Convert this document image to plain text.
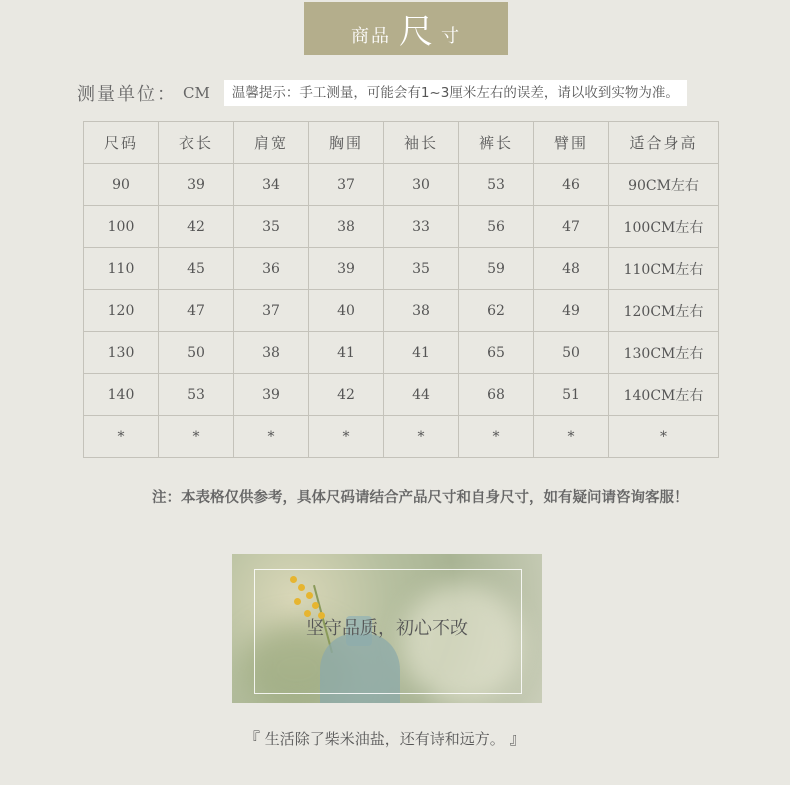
商品 尺 寸
测量单位： CM	温馨提示：手工测量，可能会有1~3厘米左右的误差，请以收到实物为准。
尺码	衣长	肩宽	胸围	袖长	裤长	臂围	适合身高
90	39	34	37	30	53	46	90CM左右
100	42	35	38	33	56	47	100CM左右
110	45	36	39	35	59	48	110CM左右
120	47	37	40	38	62	49	120CM左右
130	50	38	41	41	65	50	130CM左右
140	53	39	42	44	68	51	140CM左右
*	*	*	*	*	*	*	*
注：本表格仅供参考，具体尺码请结合产品尺寸和自身尺寸，如有疑问请咨询客服！
坚守品质，初心不改
『 生活除了柴米油盐，还有诗和远方。 』
